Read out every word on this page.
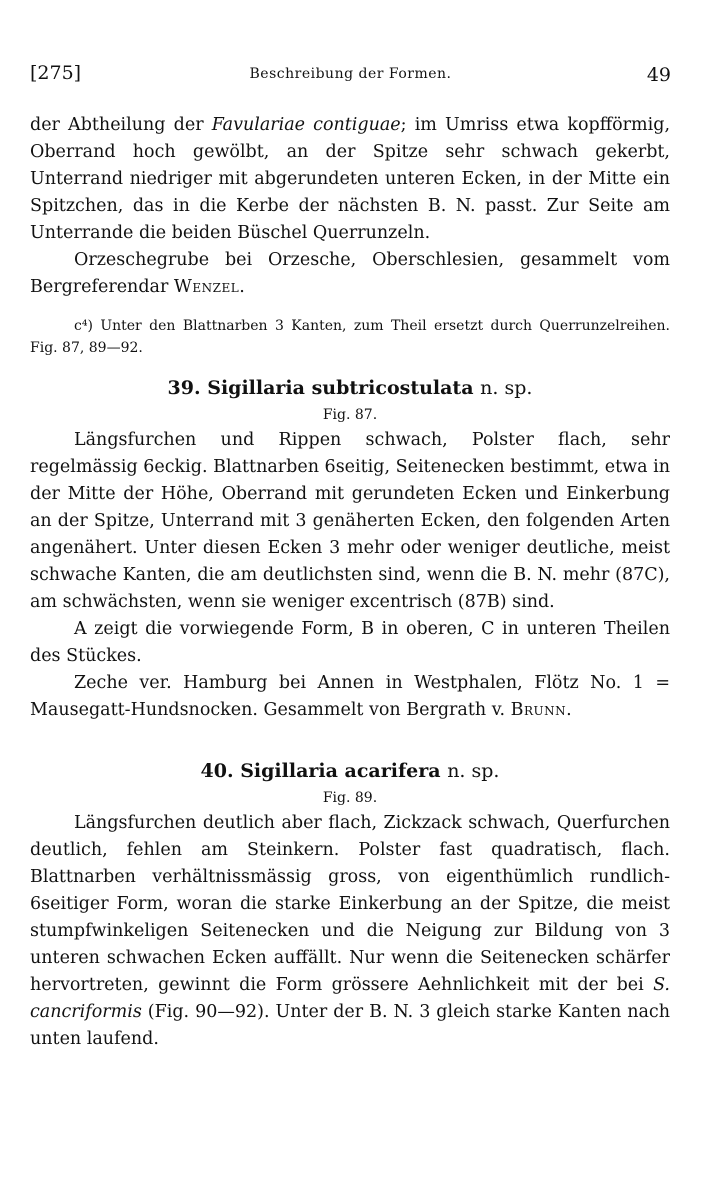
[275]	Beschreibung der Formen.	49

der Abtheilung der Favulariae contiguae; im Umriss etwa kopfförmig, Oberrand hoch gewölbt, an der Spitze sehr schwach gekerbt, Unterrand niedriger mit abgerundeten unteren Ecken, in der Mitte ein Spitzchen, das in die Kerbe der nächsten B. N. passt. Zur Seite am Unterrande die beiden Büschel Querrunzeln.

Orzeschegrube bei Orzesche, Oberschlesien, gesammelt vom Bergreferendar Wenzel.

c⁴) Unter den Blattnarben 3 Kanten, zum Theil ersetzt durch Querrunzelreihen. Fig. 87, 89—92.

39. Sigillaria subtricostulata n. sp.
Fig. 87.

Längsfurchen und Rippen schwach, Polster flach, sehr regelmässig 6eckig. Blattnarben 6seitig, Seitenecken bestimmt, etwa in der Mitte der Höhe, Oberrand mit gerundeten Ecken und Einkerbung an der Spitze, Unterrand mit 3 genäherten Ecken, den folgenden Arten angenähert. Unter diesen Ecken 3 mehr oder weniger deutliche, meist schwache Kanten, die am deutlichsten sind, wenn die B. N. mehr (87C), am schwächsten, wenn sie weniger excentrisch (87B) sind.

A zeigt die vorwiegende Form, B in oberen, C in unteren Theilen des Stückes.

Zeche ver. Hamburg bei Annen in Westphalen, Flötz No. 1 = Mausegatt-Hundsnocken. Gesammelt von Bergrath v. Brunn.

40. Sigillaria acarifera n. sp.
Fig. 89.

Längsfurchen deutlich aber flach, Zickzack schwach, Querfurchen deutlich, fehlen am Steinkern. Polster fast quadratisch, flach. Blattnarben verhältnissmässig gross, von eigenthümlich rundlich-6seitiger Form, woran die starke Einkerbung an der Spitze, die meist stumpfwinkeligen Seitenecken und die Neigung zur Bildung von 3 unteren schwachen Ecken auffällt. Nur wenn die Seitenecken schärfer hervortreten, gewinnt die Form grössere Aehnlichkeit mit der bei S. cancriformis (Fig. 90—92). Unter der B. N. 3 gleich starke Kanten nach unten laufend.
